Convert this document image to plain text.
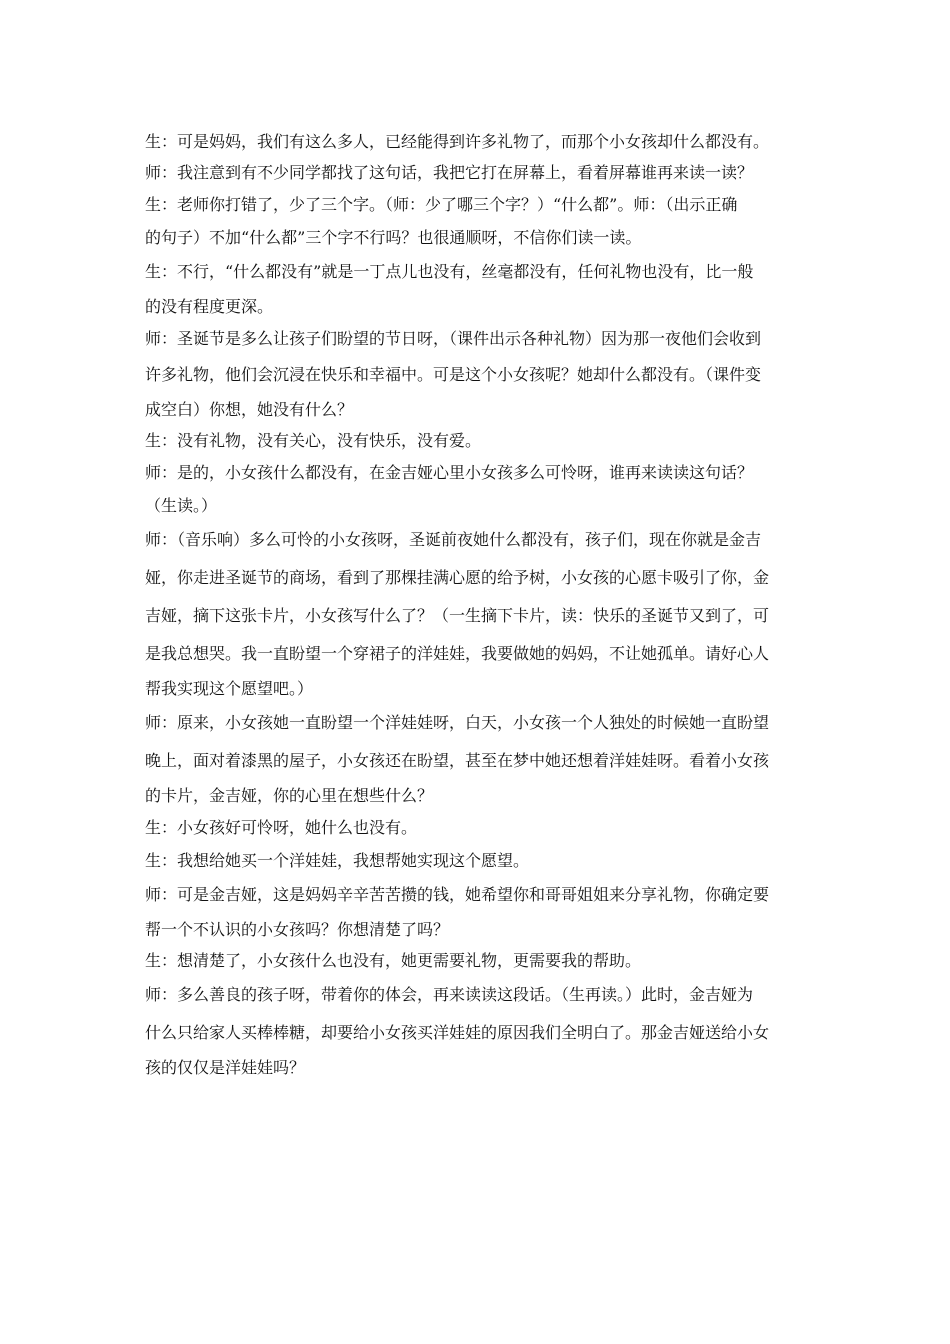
生：可是妈妈，我们有这么多人，已经能得到许多礼物了，而那个小女孩却什么都没有。

师：我注意到有不少同学都找了这句话，我把它打在屏幕上，看着屏幕谁再来读一读？

生：老师你打错了，少了三个字。（师：少了哪三个字？）“什么都”。师：（出示正确

的句子）不加“什么都”三个字不行吗？也很通顺呀，不信你们读一读。

生：不行，“什么都没有”就是一丁点儿也没有，丝毫都没有，任何礼物也没有，比一般

的没有程度更深。

师：圣诞节是多么让孩子们盼望的节日呀，（课件出示各种礼物）因为那一夜他们会收到

许多礼物，他们会沉浸在快乐和幸福中。可是这个小女孩呢？她却什么都没有。（课件变

成空白）你想，她没有什么？

生：没有礼物，没有关心，没有快乐，没有爱。

师：是的，小女孩什么都没有，在金吉娅心里小女孩多么可怜呀，谁再来读读这句话？

（生读。）

师：（音乐响）多么可怜的小女孩呀，圣诞前夜她什么都没有，孩子们，现在你就是金吉

娅，你走进圣诞节的商场，看到了那棵挂满心愿的给予树，小女孩的心愿卡吸引了你，金

吉娅，摘下这张卡片，小女孩写什么了？（一生摘下卡片，读：快乐的圣诞节又到了，可

是我总想哭。我一直盼望一个穿裙子的洋娃娃，我要做她的妈妈，不让她孤单。请好心人

帮我实现这个愿望吧。）

师：原来，小女孩她一直盼望一个洋娃娃呀，白天，小女孩一个人独处的时候她一直盼望

晚上，面对着漆黑的屋子，小女孩还在盼望，甚至在梦中她还想着洋娃娃呀。看着小女孩

的卡片，金吉娅，你的心里在想些什么？

生：小女孩好可怜呀，她什么也没有。

生：我想给她买一个洋娃娃，我想帮她实现这个愿望。

师：可是金吉娅，这是妈妈辛辛苦苦攒的钱，她希望你和哥哥姐姐来分享礼物，你确定要

帮一个不认识的小女孩吗？你想清楚了吗？

生：想清楚了，小女孩什么也没有，她更需要礼物，更需要我的帮助。

师：多么善良的孩子呀，带着你的体会，再来读读这段话。（生再读。）此时，金吉娅为

什么只给家人买棒棒糖，却要给小女孩买洋娃娃的原因我们全明白了。那金吉娅送给小女

孩的仅仅是洋娃娃吗？
